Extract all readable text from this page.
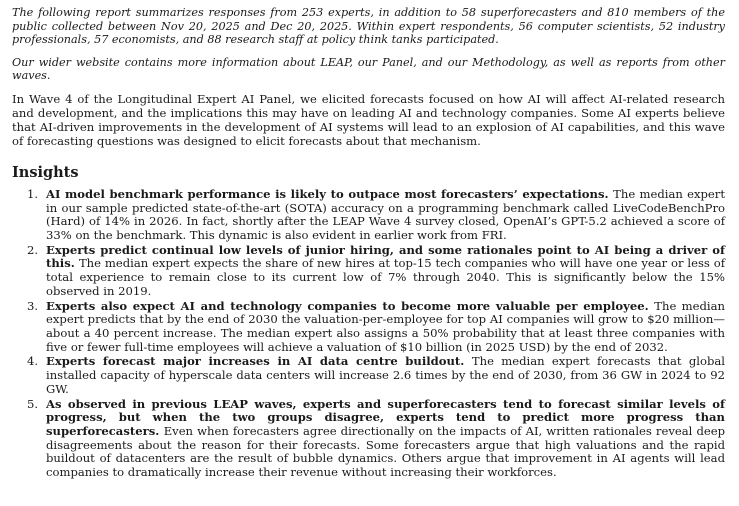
The following report summarizes responses from 253 experts, in addition to 58 superforecasters and 810 members of the public collected between Nov 20, 2025 and Dec 20, 2025. Within expert respondents, 56 computer scientists, 52 industry professionals, 57 economists, and 88 research staff at policy think tanks participated.

Our wider website contains more information about LEAP, our Panel, and our Methodology, as well as reports from other waves.

In Wave 4 of the Longitudinal Expert AI Panel, we elicited forecasts focused on how AI will affect AI-related research and development, and the implications this may have on leading AI and technology companies. Some AI experts believe that AI-driven improvements in the development of AI systems will lead to an explosion of AI capabilities, and this wave of forecasting questions was designed to elicit forecasts about that mechanism.

Insights
1. AI model benchmark performance is likely to outpace most forecasters’ expectations. The median expert in our sample predicted state-of-the-art (SOTA) accuracy on a programming benchmark called LiveCodeBenchPro (Hard) of 14% in 2026. In fact, shortly after the LEAP Wave 4 survey closed, OpenAI’s GPT-5.2 achieved a score of 33% on the benchmark. This dynamic is also evident in earlier work from FRI.
2. Experts predict continual low levels of junior hiring, and some rationales point to AI being a driver of this. The median expert expects the share of new hires at top-15 tech companies who will have one year or less of total experience to remain close to its current low of 7% through 2040. This is significantly below the 15% observed in 2019.
3. Experts also expect AI and technology companies to become more valuable per employee. The median expert predicts that by the end of 2030 the valuation-per-employee for top AI companies will grow to $20 million—about a 40 percent increase. The median expert also assigns a 50% probability that at least three companies with five or fewer full-time employees will achieve a valuation of $10 billion (in 2025 USD) by the end of 2032.
4. Experts forecast major increases in AI data centre buildout. The median expert forecasts that global installed capacity of hyperscale data centers will increase 2.6 times by the end of 2030, from 36 GW in 2024 to 92 GW.
5. As observed in previous LEAP waves, experts and superforecasters tend to forecast similar levels of progress, but when the two groups disagree, experts tend to predict more progress than superforecasters. Even when forecasters agree directionally on the impacts of AI, written rationales reveal deep disagreements about the reason for their forecasts. Some forecasters argue that high valuations and the rapid buildout of datacenters are the result of bubble dynamics. Others argue that improvement in AI agents will lead companies to dramatically increase their revenue without increasing their workforces.
